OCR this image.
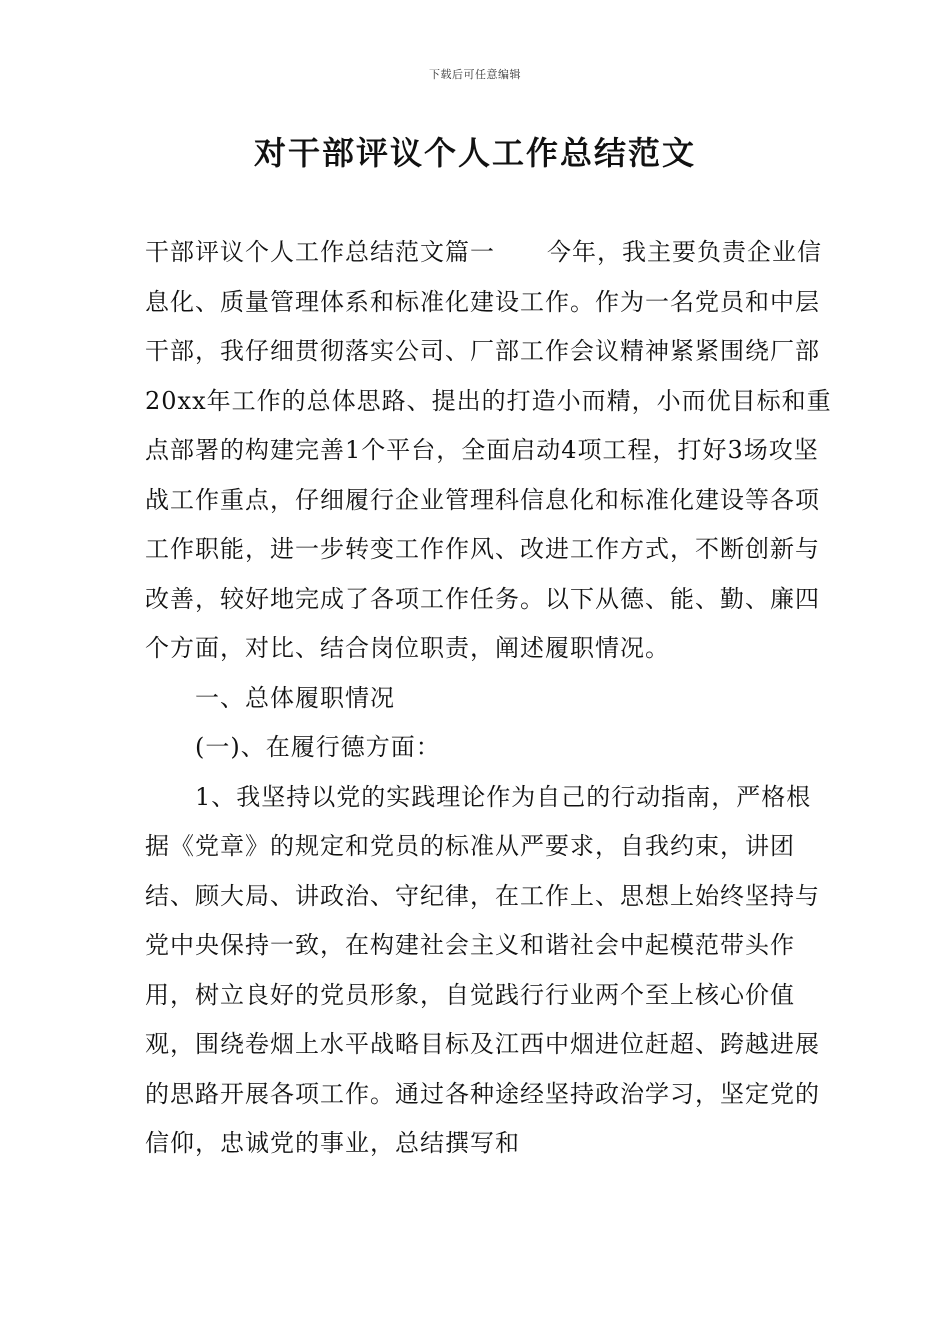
下载后可任意编辑
对干部评议个人工作总结范文

干部评议个人工作总结范文篇一 今年，我主要负责企业信息化、质量管理体系和标准化建设工作。作为一名党员和中层干部，我仔细贯彻落实公司、厂部工作会议精神紧紧围绕厂部20xx年工作的总体思路、提出的打造小而精，小而优目标和重点部署的构建完善1个平台，全面启动4项工程，打好3场攻坚战工作重点，仔细履行企业管理科信息化和标准化建设等各项工作职能，进一步转变工作作风、改进工作方式，不断创新与改善，较好地完成了各项工作任务。以下从德、能、勤、廉四个方面，对比、结合岗位职责，阐述履职情况。

一、总体履职情况

(一)、在履行德方面：

1、我坚持以党的实践理论作为自己的行动指南，严格根据《党章》的规定和党员的标准从严要求，自我约束，讲团结、顾大局、讲政治、守纪律，在工作上、思想上始终坚持与党中央保持一致，在构建社会主义和谐社会中起模范带头作用，树立良好的党员形象，自觉践行行业两个至上核心价值观，围绕卷烟上水平战略目标及江西中烟进位赶超、跨越进展的思路开展各项工作。通过各种途经坚持政治学习，坚定党的信仰，忠诚党的事业，总结撰写和
